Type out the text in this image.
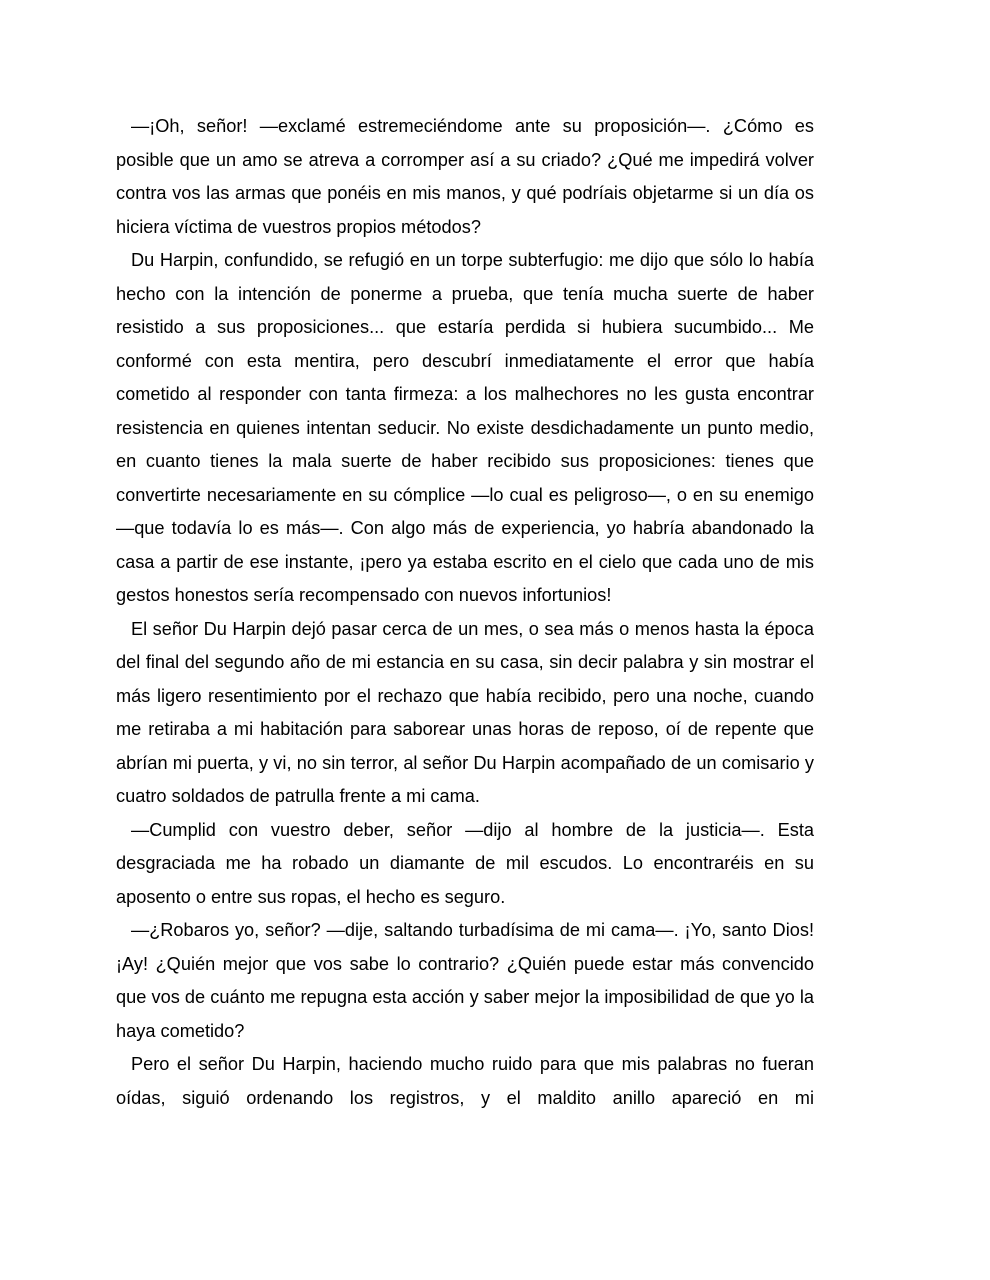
—¡Oh, señor! —exclamé estremeciéndome ante su proposición—. ¿Cómo es posible que un amo se atreva a corromper así a su criado? ¿Qué me impedirá volver contra vos las armas que ponéis en mis manos, y qué podríais objetarme si un día os hiciera víctima de vuestros propios métodos?

Du Harpin, confundido, se refugió en un torpe subterfugio: me dijo que sólo lo había hecho con la intención de ponerme a prueba, que tenía mucha suerte de haber resistido a sus proposiciones... que estaría perdida si hubiera sucumbido... Me conformé con esta mentira, pero descubrí inmediatamente el error que había cometido al responder con tanta firmeza: a los malhechores no les gusta encontrar resistencia en quienes intentan seducir. No existe desdichadamente un punto medio, en cuanto tienes la mala suerte de haber recibido sus proposiciones: tienes que convertirte necesariamente en su cómplice —lo cual es peligroso—, o en su enemigo —que todavía lo es más—. Con algo más de experiencia, yo habría abandonado la casa a partir de ese instante, ¡pero ya estaba escrito en el cielo que cada uno de mis gestos honestos sería recompensado con nuevos infortunios!

El señor Du Harpin dejó pasar cerca de un mes, o sea más o menos hasta la época del final del segundo año de mi estancia en su casa, sin decir palabra y sin mostrar el más ligero resentimiento por el rechazo que había recibido, pero una noche, cuando me retiraba a mi habitación para saborear unas horas de reposo, oí de repente que abrían mi puerta, y vi, no sin terror, al señor Du Harpin acompañado de un comisario y cuatro soldados de patrulla frente a mi cama.

—Cumplid con vuestro deber, señor —dijo al hombre de la justicia—. Esta desgraciada me ha robado un diamante de mil escudos. Lo encontraréis en su aposento o entre sus ropas, el hecho es seguro.

—¿Robaros yo, señor? —dije, saltando turbadísima de mi cama—. ¡Yo, santo Dios! ¡Ay! ¿Quién mejor que vos sabe lo contrario? ¿Quién puede estar más convencido que vos de cuánto me repugna esta acción y saber mejor la imposibilidad de que yo la haya cometido?

Pero el señor Du Harpin, haciendo mucho ruido para que mis palabras no fueran oídas, siguió ordenando los registros, y el maldito anillo apareció en mi
